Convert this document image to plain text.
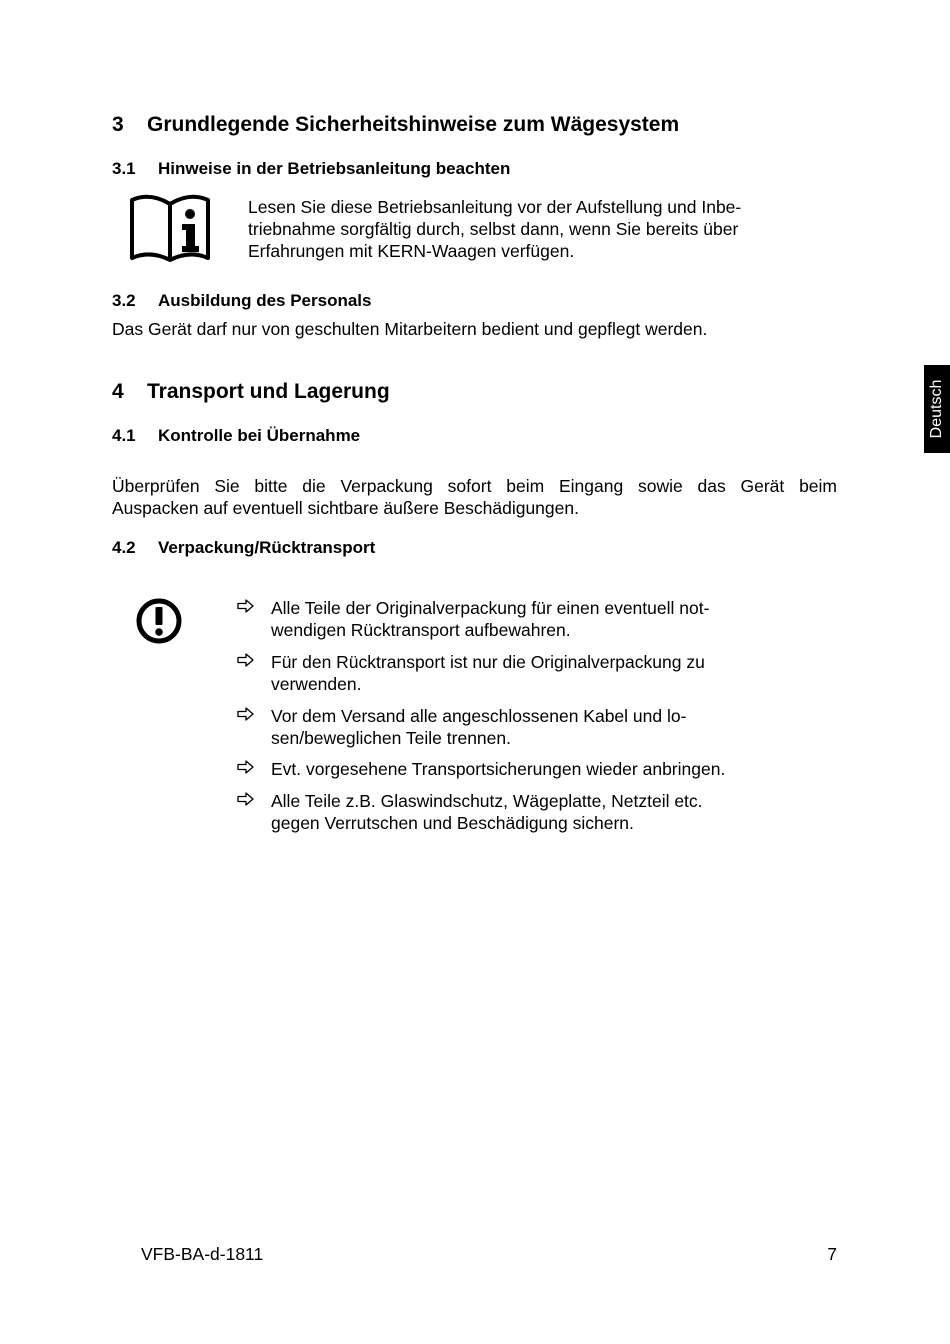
3 Grundlegende Sicherheitshinweise zum Wägesystem
3.1 Hinweise in der Betriebsanleitung beachten
Lesen Sie diese Betriebsanleitung vor der Aufstellung und Inbe-
triebnahme sorgfältig durch, selbst dann, wenn Sie bereits über
Erfahrungen mit KERN-Waagen verfügen.
3.2 Ausbildung des Personals
Das Gerät darf nur von geschulten Mitarbeitern bedient und gepflegt werden.
Deutsch
4 Transport und Lagerung
4.1 Kontrolle bei Übernahme
Überprüfen Sie bitte die Verpackung sofort beim Eingang sowie das Gerät beim
Auspacken auf eventuell sichtbare äußere Beschädigungen.
4.2 Verpackung/Rücktransport
Alle Teile der Originalverpackung für einen eventuell not-
wendigen Rücktransport aufbewahren.
Für den Rücktransport ist nur die Originalverpackung zu
verwenden.
Vor dem Versand alle angeschlossenen Kabel und lo-
sen/beweglichen Teile trennen.
Evt. vorgesehene Transportsicherungen wieder anbringen.
Alle Teile z.B. Glaswindschutz, Wägeplatte, Netzteil etc.
gegen Verrutschen und Beschädigung sichern.
VFB-BA-d-1811	7
